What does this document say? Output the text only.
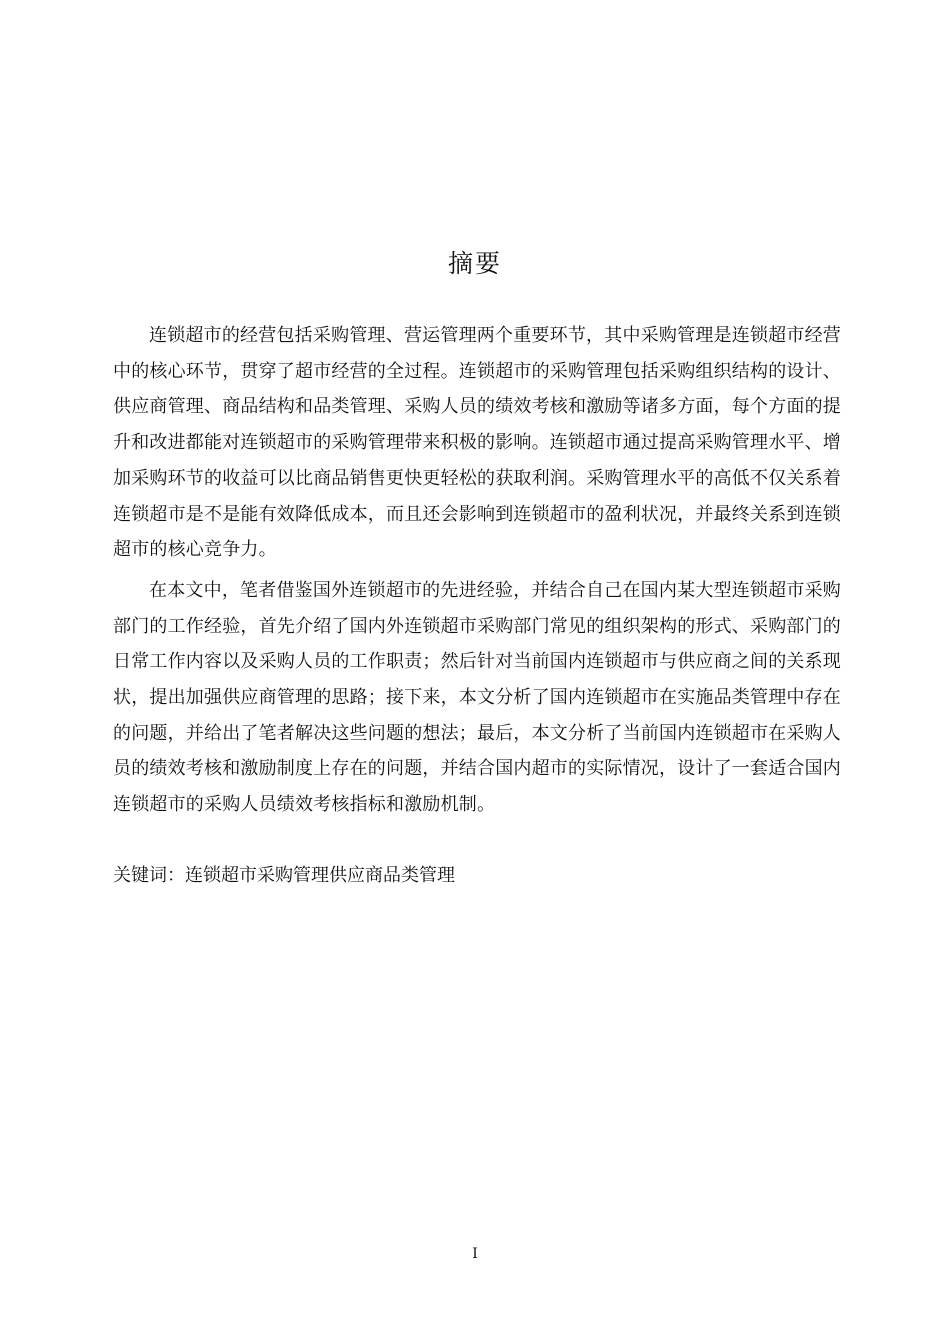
摘要

连锁超市的经营包括采购管理、营运管理两个重要环节，其中采购管理是连锁超市经营中的核心环节，贯穿了超市经营的全过程。连锁超市的采购管理包括采购组织结构的设计、供应商管理、商品结构和品类管理、采购人员的绩效考核和激励等诸多方面，每个方面的提升和改进都能对连锁超市的采购管理带来积极的影响。连锁超市通过提高采购管理水平、增加采购环节的收益可以比商品销售更快更轻松的获取利润。采购管理水平的高低不仅关系着连锁超市是不是能有效降低成本，而且还会影响到连锁超市的盈利状况，并最终关系到连锁超市的核心竞争力。

在本文中，笔者借鉴国外连锁超市的先进经验，并结合自己在国内某大型连锁超市采购部门的工作经验，首先介绍了国内外连锁超市采购部门常见的组织架构的形式、采购部门的日常工作内容以及采购人员的工作职责；然后针对当前国内连锁超市与供应商之间的关系现状，提出加强供应商管理的思路；接下来，本文分析了国内连锁超市在实施品类管理中存在的问题，并给出了笔者解决这些问题的想法；最后，本文分析了当前国内连锁超市在采购人员的绩效考核和激励制度上存在的问题，并结合国内超市的实际情况，设计了一套适合国内连锁超市的采购人员绩效考核指标和激励机制。

关键词：连锁超市采购管理供应商品类管理
I
